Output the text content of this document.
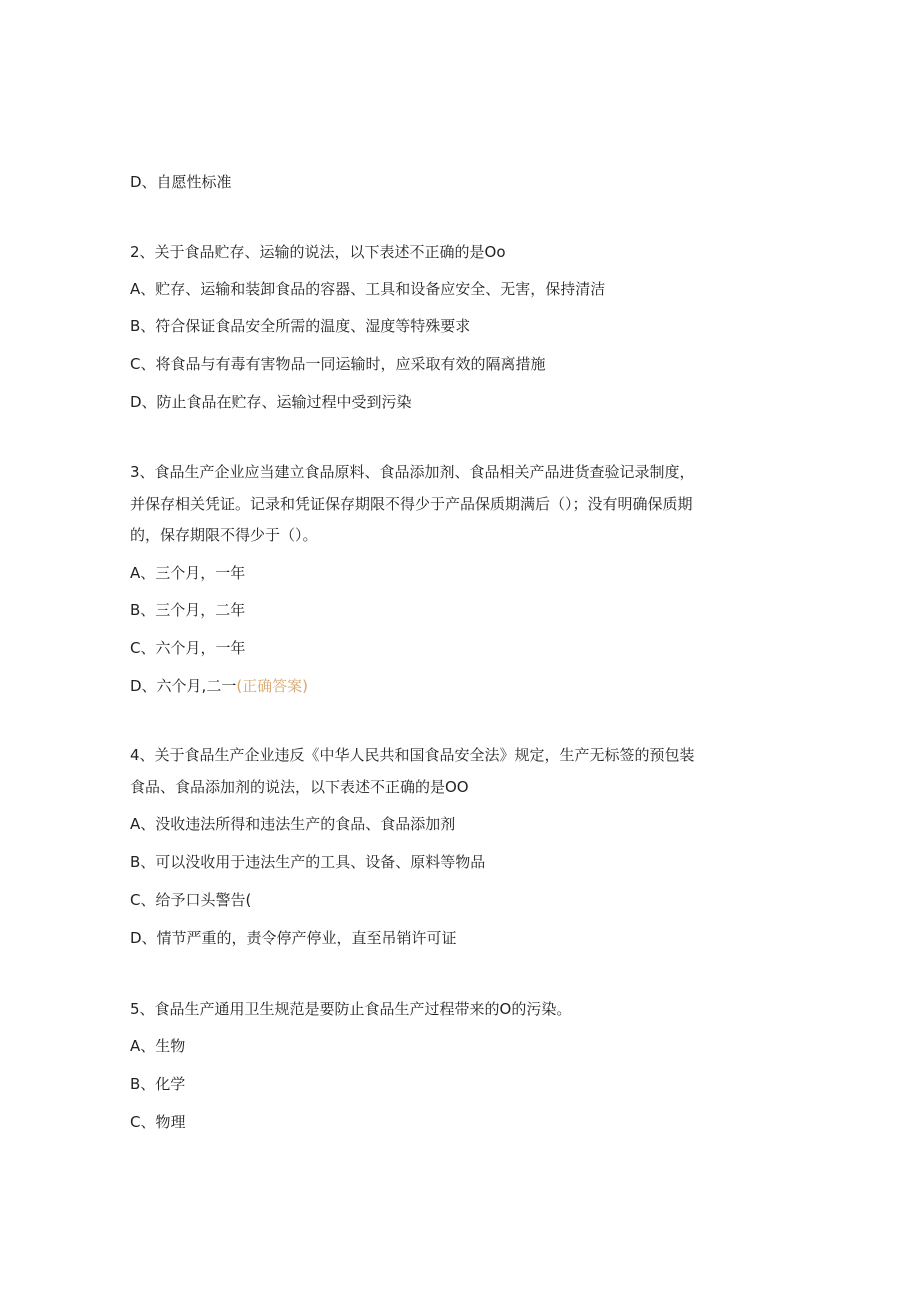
D、自愿性标准
2、关于食品贮存、运输的说法，以下表述不正确的是Oo
A、贮存、运输和装卸食品的容器、工具和设备应安全、无害，保持清洁
B、符合保证食品安全所需的温度、湿度等特殊要求
C、将食品与有毒有害物品一同运输时，应采取有效的隔离措施
D、防止食品在贮存、运输过程中受到污染
3、食品生产企业应当建立食品原料、食品添加剂、食品相关产品进货查验记录制度，
并保存相关凭证。记录和凭证保存期限不得少于产品保质期满后（）；没有明确保质期
的，保存期限不得少于（）。
A、三个月，一年
B、三个月，二年
C、六个月，一年
D、六个月,二一(正确答案)
4、关于食品生产企业违反《中华人民共和国食品安全法》规定，生产无标签的预包装
食品、食品添加剂的说法，以下表述不正确的是OO
A、没收违法所得和违法生产的食品、食品添加剂
B、可以没收用于违法生产的工具、设备、原料等物品
C、给予口头警告(
D、情节严重的，责令停产停业，直至吊销许可证
5、食品生产通用卫生规范是要防止食品生产过程带来的O的污染。
A、生物
B、化学
C、物理
